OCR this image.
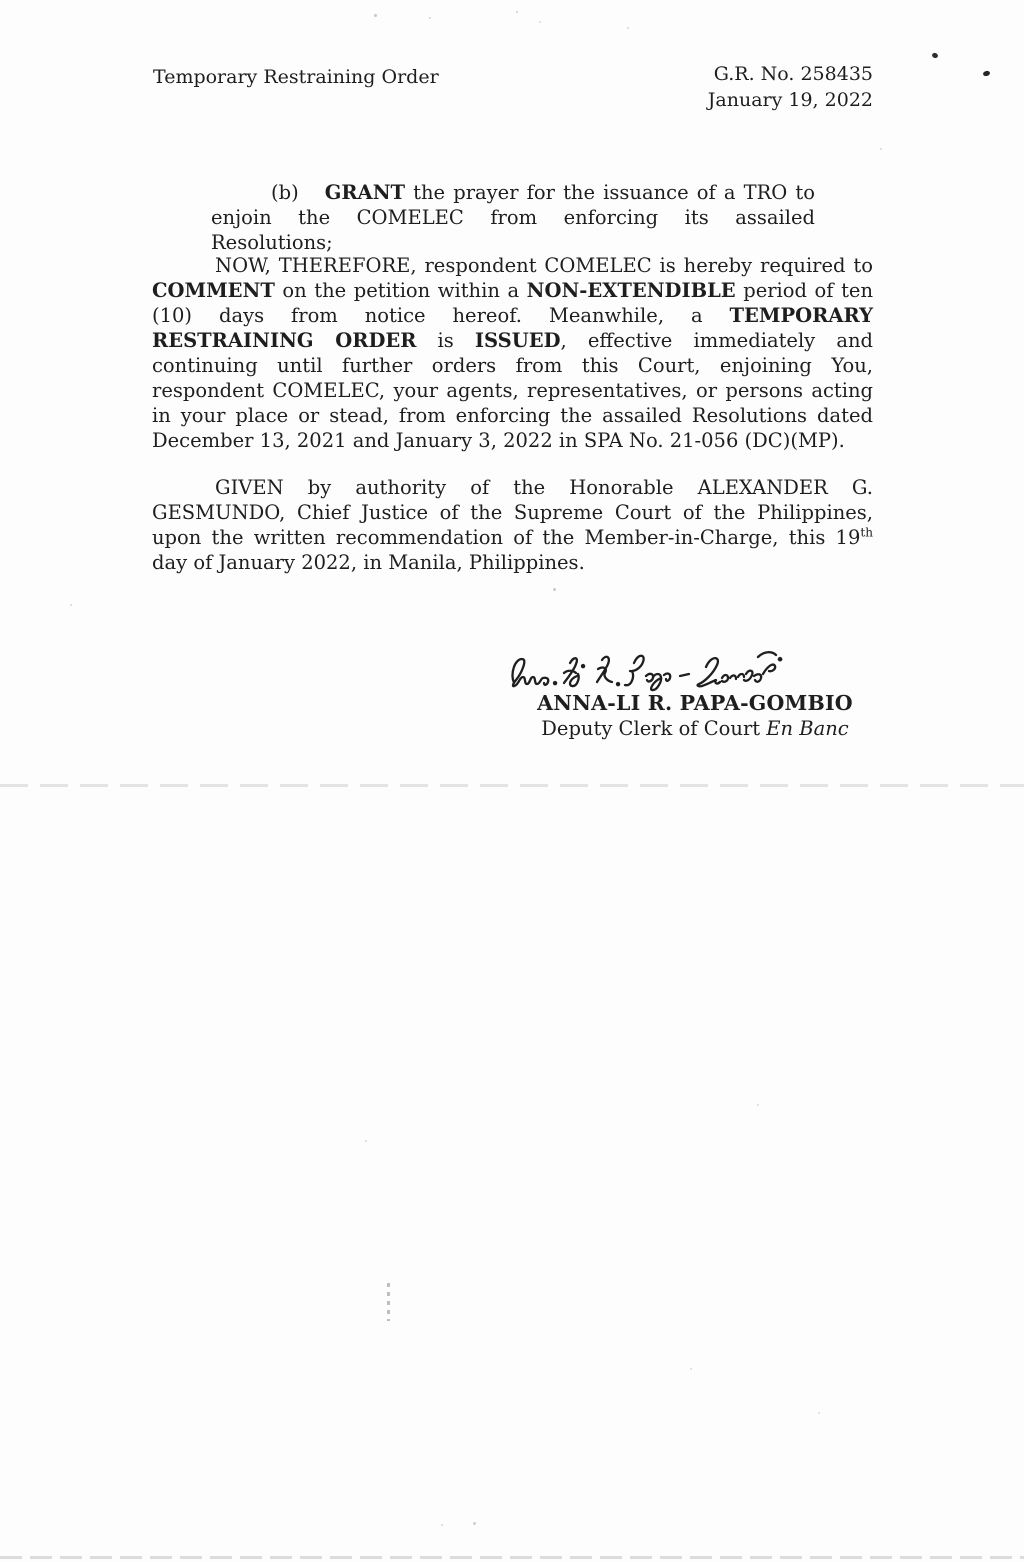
Temporary Restraining Order	G.R. No. 258435
January 19, 2022

(b) GRANT the prayer for the issuance of a TRO to enjoin the COMELEC from enforcing its assailed Resolutions;

NOW, THEREFORE, respondent COMELEC is hereby required to COMMENT on the petition within a NON-EXTENDIBLE period of ten (10) days from notice hereof. Meanwhile, a TEMPORARY RESTRAINING ORDER is ISSUED, effective immediately and continuing until further orders from this Court, enjoining You, respondent COMELEC, your agents, representatives, or persons acting in your place or stead, from enforcing the assailed Resolutions dated December 13, 2021 and January 3, 2022 in SPA No. 21-056 (DC)(MP).

GIVEN by authority of the Honorable ALEXANDER G. GESMUNDO, Chief Justice of the Supreme Court of the Philippines, upon the written recommendation of the Member-in-Charge, this 19th day of January 2022, in Manila, Philippines.

ANNA-LI R. PAPA-GOMBIO
Deputy Clerk of Court En Banc
